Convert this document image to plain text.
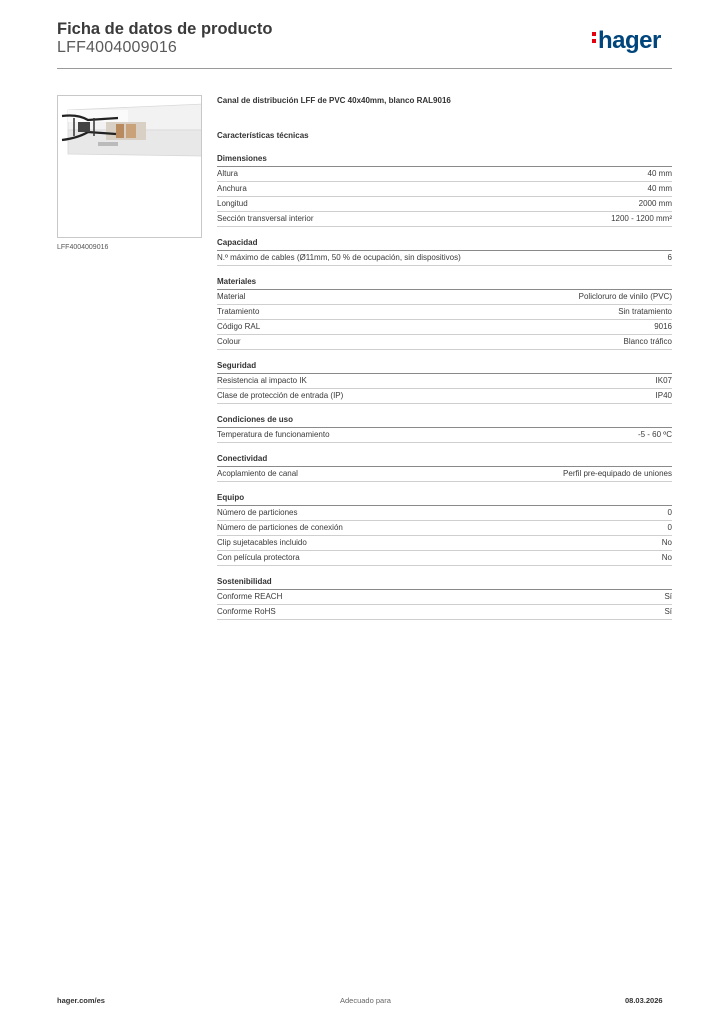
Ficha de datos de producto
LFF4004009016	hager
LFF4004009016
Canal de distribución LFF de PVC 40x40mm, blanco RAL9016
Características técnicas
Dimensiones
Altura	40 mm
Anchura	40 mm
Longitud	2000 mm
Sección transversal interior	1200 - 1200 mm²
Capacidad
N.º máximo de cables (Ø11mm, 50 % de ocupación, sin dispositivos)	6
Materiales
Material	Policloruro de vinilo (PVC)
Tratamiento	Sin tratamiento
Código RAL	9016
Colour	Blanco tráfico
Seguridad
Resistencia al impacto IK	IK07
Clase de protección de entrada (IP)	IP40
Condiciones de uso
Temperatura de funcionamiento	-5 - 60 ºC
Conectividad
Acoplamiento de canal	Perfil pre-equipado de uniones
Equipo
Número de particiones	0
Número de particiones de conexión	0
Clip sujetacables incluido	No
Con película protectora	No
Sostenibilidad
Conforme REACH	Sí
Conforme RoHS	Sí
hager.com/es	Adecuado para	08.03.2026
